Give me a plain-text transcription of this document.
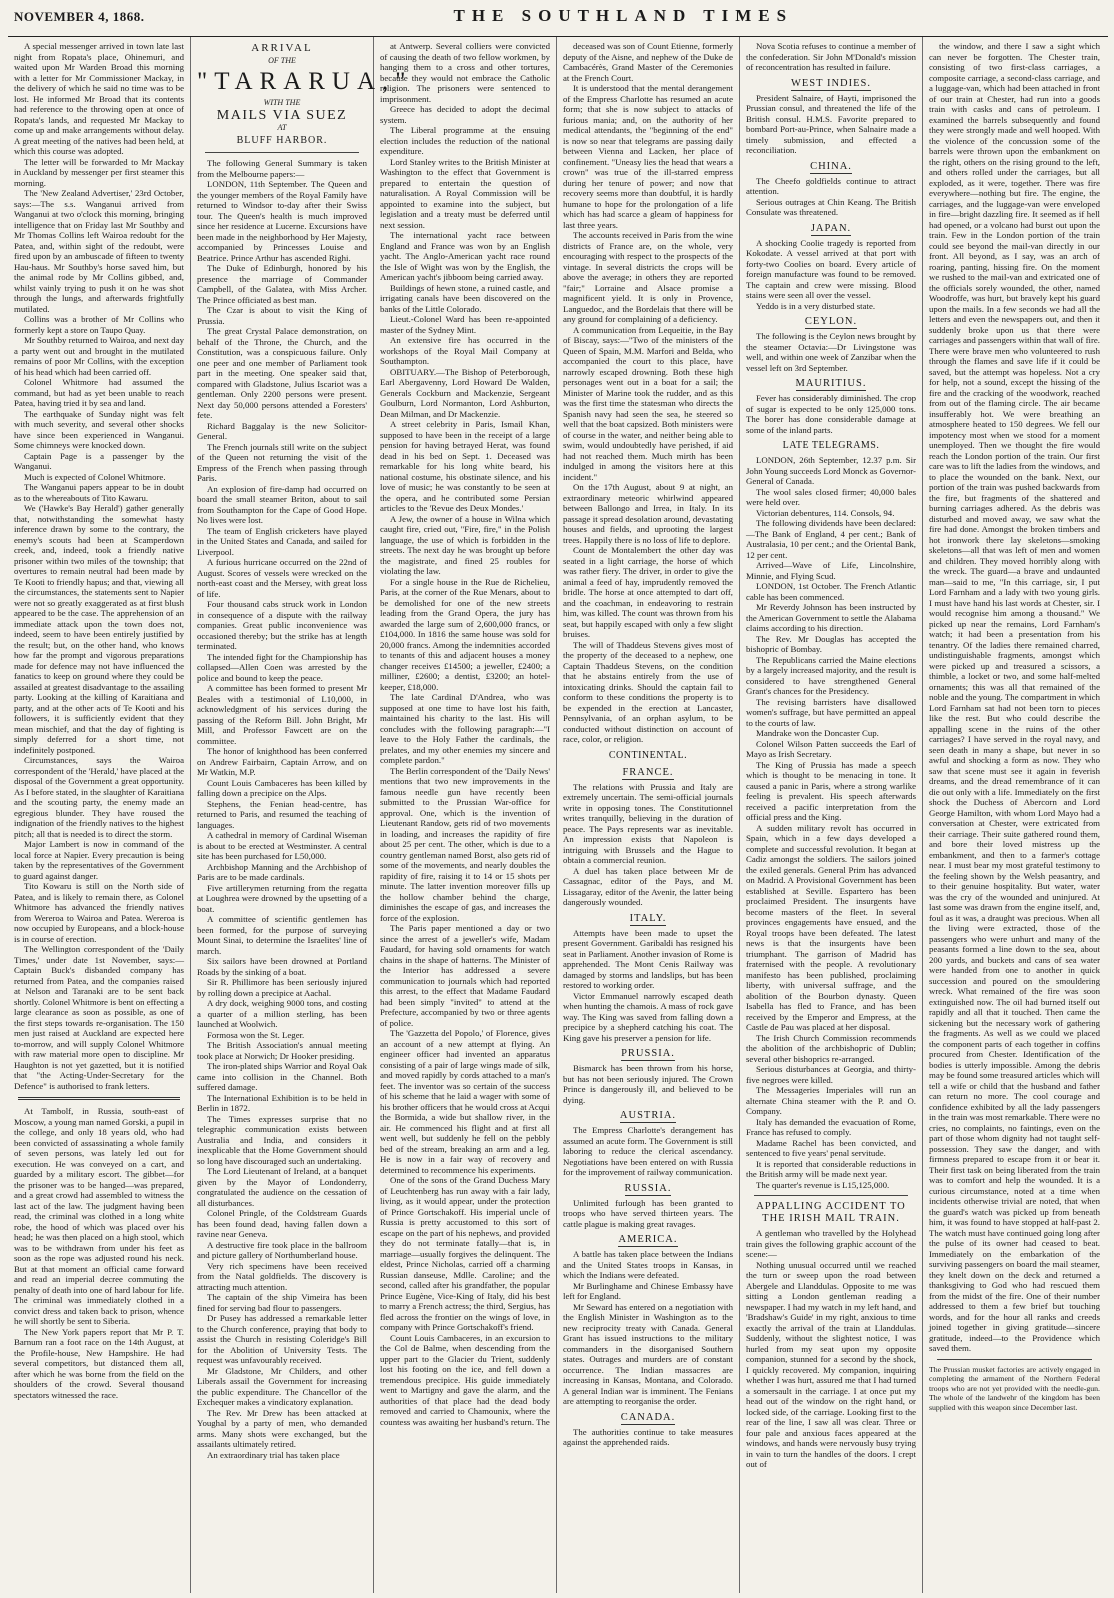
NOVEMBER 4, 1868.	THE SOUTHLAND TIMES

A special messenger arrived in town late last night from Ropata's place, Ohinemuri, and waited upon Mr Warden Broad this morning with a letter for Mr Commissioner Mackay, in the delivery of which he said no time was to be lost. He informed Mr Broad that its contents had reference to the throwing open at once of Ropata's lands, and requested Mr Mackay to come up and make arrangements without delay. A great meeting of the natives had been held, at which this course was adopted.

The letter will be forwarded to Mr Mackay in Auckland by messenger per first steamer this morning.

The 'New Zealand Advertiser,' 23rd October, says:—The s.s. Wanganui arrived from Wanganui at two o'clock this morning, bringing intelligence that on Friday last Mr Southby and Mr Thomas Collins left Wairoa redoubt for the Patea, and, within sight of the redoubt, were fired upon by an ambuscade of fifteen to twenty Hau-haus. Mr Southby's horse saved him, but the animal rode by Mr Collins gibbed, and, whilst vainly trying to push it on he was shot through the lungs, and afterwards frightfully mutilated.

Collins was a brother of Mr Collins who formerly kept a store on Taupo Quay.

Mr Southby returned to Wairoa, and next day a party went out and brought in the mutilated remains of poor Mr Collins, with the exception of his head which had been carried off.

Colonel Whitmore had assumed the command, but had as yet been unable to reach Patea, having tried it by sea and land.

The earthquake of Sunday night was felt with much severity, and several other shocks have since been experienced in Wanganui. Some chimneys were knocked down.

Captain Page is a passenger by the Wanganui.

Much is expected of Colonel Whitmore.

The Wanganui papers appear to be in doubt as to the whereabouts of Tito Kawaru.

We ('Hawke's Bay Herald') gather generally that, notwithstanding the somewhat hasty inference drawn by some to the contrary, the enemy's scouts had been at Scamperdown creek, and, indeed, took a friendly native prisoner within two miles of the township; that overtures to remain neutral had been made by Te Kooti to friendly hapus; and that, viewing all the circumstances, the statements sent to Napier were not so greatly exaggerated as at first blush appeared to be the case. The apprehension of an immediate attack upon the town does not, indeed, seem to have been entirely justified by the result; but, on the other hand, who knows how far the prompt and vigorous preparations made for defence may not have influenced the fanatics to keep on ground where they could be assailed at greatest disadvantage to the assailing party. Looking at the killing of Karaitiana and party, and at the other acts of Te Kooti and his followers, it is sufficiently evident that they mean mischief, and that the day of fighting is simply deferred for a short time, not indefinitely postponed.

Circumstances, says the Wairoa correspondent of the 'Herald,' have placed at the disposal of the Government a great opportunity. As I before stated, in the slaughter of Karaitiana and the scouting party, the enemy made an egregious blunder. They have roused the indignation of the friendly natives to the highest pitch; all that is needed is to direct the storm.

Major Lambert is now in command of the local force at Napier. Every precaution is being taken by the representatives of the Government to guard against danger.

Tito Kowaru is still on the North side of Patea, and is likely to remain there, as Colonel Whitmore has advanced the friendly natives from Wereroa to Wairoa and Patea. Wereroa is now occupied by Europeans, and a block-house is in course of erection.

The Wellington correspondent of the 'Daily Times,' under date 1st November, says:—Captain Buck's disbanded company has returned from Patea, and the companies raised at Nelson and Taranaki are to be sent back shortly. Colonel Whitmore is bent on effecting a large clearance as soon as possible, as one of the first steps towards re-organisation. The 150 men just raised at Auckland are expected here to-morrow, and will supply Colonel Whitmore with raw material more open to discipline. Mr Haughton is not yet gazetted, but it is notified that "the Acting-Under-Secretary for the Defence" is authorised to frank letters.

At Tambolf, in Russia, south-east of Moscow, a young man named Gorski, a pupil in the college, and only 18 years old, who had been convicted of assassinating a whole family of seven persons, was lately led out for execution. He was conveyed on a cart, and guarded by a military escort. The gibbet—for the prisoner was to be hanged—was prepared, and a great crowd had assembled to witness the last act of the law. The judgment having been read, the criminal was clothed in a long white robe, the hood of which was placed over his head; he was then placed on a high stool, which was to be withdrawn from under his feet as soon as the rope was adjusted round his neck. But at that moment an official came forward and read an imperial decree commuting the penalty of death into one of hard labour for life. The criminal was immediately clothed in a convict dress and taken back to prison, whence he will shortly be sent to Siberia.

The New York papers report that Mr P. T. Barnum ran a foot race on the 14th August, at the Profile-house, New Hampshire. He had several competitors, but distanced them all, after which he was borne from the field on the shoulders of the crowd. Several thousand spectators witnessed the race.

ARRIVAL
OF THE
"TARARUA,"
WITH THE
MAILS VIA SUEZ
AT
BLUFF HARBOR.

The following General Summary is taken from the Melbourne papers:—

LONDON, 11th September. The Queen and the younger members of the Royal Family have returned to Windsor to-day after their Swiss tour. The Queen's health is much improved since her residence at Lucerne. Excursions have been made in the neighborhood by Her Majesty, accompanied by Princesses Louise and Beatrice. Prince Arthur has ascended Righi.

The Duke of Edinburgh, honored by his presence the marriage of Commander Campbell, of the Galatea, with Miss Archer. The Prince officiated as best man.

The Czar is about to visit the King of Prussia.

The great Crystal Palace demonstration, on behalf of the Throne, the Church, and the Constitution, was a conspicuous failure. Only one peer and one member of Parliament took part in the meeting. One speaker said that, compared with Gladstone, Julius Iscariot was a gentleman. Only 2200 persons were present. Next day 50,000 persons attended a Foresters' fete.

Richard Baggalay is the new Solicitor-General.

The French journals still write on the subject of the Queen not returning the visit of the Empress of the French when passing through Paris.

An explosion of fire-damp had occurred on board the small steamer Briton, about to sail from Southampton for the Cape of Good Hope. No lives were lost.

The team of English cricketers have played in the United States and Canada, and sailed for Liverpool.

A furious hurricane occurred on the 22nd of August. Scores of vessels were wrecked on the north-east coast and the Mersey, with great loss of life.

Four thousand cabs struck work in London in consequence of a dispute with the railway companies. Great public inconvenience was occasioned thereby; but the strike has at length terminated.

The intended fight for the Championship has collapsed—Allen Coen was arrested by the police and bound to keep the peace.

A committee has been formed to present Mr Beales with a testimonial of L10,000, in acknowledgment of his services during the passing of the Reform Bill. John Bright, Mr Mill, and Professor Fawcett are on the committee.

The honor of knighthood has been conferred on Andrew Fairbairn, Captain Arrow, and on Mr Watkin, M.P.

Count Louis Cambaceres has been killed by falling down a precipice on the Alps.

Stephens, the Fenian head-centre, has returned to Paris, and resumed the teaching of languages.

A cathedral in memory of Cardinal Wiseman is about to be erected at Westminster. A central site has been purchased for L50,000.

Archbishop Manning and the Archbishop of Paris are to be made cardinals.

Five artillerymen returning from the regatta at Loughrea were drowned by the upsetting of a boat.

A committee of scientific gentlemen has been formed, for the purpose of surveying Mount Sinai, to determine the Israelites' line of march.

Six sailors have been drowned at Portland Roads by the sinking of a boat.

Sir R. Phillimore has been seriously injured by rolling down a precipice at Aachal.

A dry dock, weighing 9000 tons, and costing a quarter of a million sterling, has been launched at Woolwich.

Formosa won the St. Leger.

The British Association's annual meeting took place at Norwich; Dr Hooker presiding.

The iron-plated ships Warrior and Royal Oak came into collision in the Channel. Both suffered damage.

The International Exhibition is to be held in Berlin in 1872.

The Times expresses surprise that no telegraphic communication exists between Australia and India, and considers it inexplicable that the Home Government should so long have discouraged such an undertaking.

The Lord Lieutenant of Ireland, at a banquet given by the Mayor of Londonderry, congratulated the audience on the cessation of all disturbances.

Colonel Pringle, of the Coldstream Guards has been found dead, having fallen down a ravine near Geneva.

A destructive fire took place in the ballroom and picture gallery of Northumberland house.

Very rich specimens have been received from the Natal goldfields. The discovery is attracting much attention.

The captain of the ship Vimeira has been fined for serving bad flour to passengers.

Dr Pusey has addressed a remarkable letter to the Church conference, praying that body to assist the Church in resisting Coleridge's Bill for the Abolition of University Tests. The request was unfavourably received.

Mr Gladstone, Mr Childers, and other Liberals assail the Government for increasing the public expenditure. The Chancellor of the Exchequer makes a vindicatory explanation.

The Rev. Mr Drew has been attacked at Youghal by a party of men, who demanded arms. Many shots were exchanged, but the assailants ultimately retired.

An extraordinary trial has taken place

at Antwerp. Several colliers were convicted of causing the death of two fellow workmen, by hanging them to a cross and other tortures, because they would not embrace the Catholic religion. The prisoners were sentenced to imprisonment.

Greece has decided to adopt the decimal system.

The Liberal programme at the ensuing election includes the reduction of the national expenditure.

Lord Stanley writes to the British Minister at Washington to the effect that Government is prepared to entertain the question of naturalisation. A Royal Commission will be appointed to examine into the subject, but legislation and a treaty must be deferred until next session.

The international yacht race between England and France was won by an English yacht. The Anglo-American yacht race round the Isle of Wight was won by the English, the American yacht's jibboom being carried away.

Buildings of hewn stone, a ruined castle, and irrigating canals have been discovered on the banks of the Little Colorado.

Lieut.-Colonel Ward has been re-appointed master of the Sydney Mint.

An extensive fire has occurred in the workshops of the Royal Mail Company at Southampton.

OBITUARY.—The Bishop of Peterborough, Earl Abergavenny, Lord Howard De Walden, Generals Cockburn and Mackenzie, Sergeant Goulburn, Lord Normanton, Lord Ashburton, Dean Milman, and Dr Mackenzie.

A street celebrity in Paris, Ismail Khan, supposed to have been in the receipt of a large pension for having betrayed Herat, was found dead in his bed on Sept. 1. Deceased was remarkable for his long white beard, his national costume, his obstinate silence, and his love of music; he was constantly to be seen at the opera, and he contributed some Persian articles to the 'Revue des Deux Mondes.'

A Jew, the owner of a house in Wilna which caught fire, cried out, "Fire, fire," in the Polish language, the use of which is forbidden in the streets. The next day he was brought up before the magistrate, and fined 25 roubles for violating the law.

For a single house in the Rue de Richelieu, Paris, at the corner of the Rue Menars, about to be demolished for one of the new streets leading from the Grand Opera, the jury has awarded the large sum of 2,600,000 francs, or £104,000. In 1816 the same house was sold for 20,000 francs. Among the indemnities accorded to tenants of this and adjacent houses a money changer receives £14500; a jeweller, £2400; a milliner, £2600; a dentist, £3200; an hotel-keeper, £18,000.

The late Cardinal D'Andrea, who was supposed at one time to have lost his faith, maintained his charity to the last. His will concludes with the following paragraph:—"I leave to the Holy Father the cardinals, the prelates, and my other enemies my sincere and complete pardon."

The Berlin correspondent of the 'Daily News' mentions that two new improvements in the famous needle gun have recently been submitted to the Prussian War-office for approval. One, which is the invention of Lieutenant Randow, gets rid of two movements in loading, and increases the rapidity of fire about 25 per cent. The other, which is due to a country gentleman named Borst, also gets rid of some of the movements, and nearly doubles the rapidity of fire, raising it to 14 or 15 shots per minute. The latter invention moreover fills up the hollow chamber behind the charge, diminishes the escape of gas, and increases the force of the explosion.

The Paris paper mentioned a day or two since the arrest of a jeweller's wife, Madam Faudard, for having sold ornaments for watch chains in the shape of hatterns. The Minister of the Interior has addressed a severe communication to journals which had reported this arrest, to the effect that Madame Faudard had been simply "invited" to attend at the Prefecture, accompanied by two or three agents of police.

The 'Gazzetta del Popolo,' of Florence, gives an account of a new attempt at flying. An engineer officer had invented an apparatus consisting of a pair of large wings made of silk, and moved rapidly by cords attached to a man's feet. The inventor was so certain of the success of his scheme that he laid a wager with some of his brother officers that he would cross at Acqui the Bormida, a wide but shallow river, in the air. He commenced his flight and at first all went well, but suddenly he fell on the pebbly bed of the stream, breaking an arm and a leg. He is now in a fair way of recovery and determined to recommence his experiments.

One of the sons of the Grand Duchess Mary of Leuchtenberg has run away with a fair lady, living, as it would appear, under the protection of Prince Gortschakoff. His imperial uncle of Russia is pretty accustomed to this sort of escape on the part of his nephews, and provided they do not terminate fatally—that is, in marriage—usually forgives the delinquent. The eldest, Prince Nicholas, carried off a charming Russian danseuse, Mdlle. Caroline; and the second, called after his grandfather, the popular Prince Eugène, Vice-King of Italy, did his best to marry a French actress; the third, Sergius, has fled across the frontier on the wings of love, in company with Prince Gortschakoff's friend.

Count Louis Cambaceres, in an excursion to the Col de Balme, when descending from the upper part to the Glacier du Trient, suddenly lost his footing on the ice, and fell down a tremendous precipice. His guide immediately went to Martigny and gave the alarm, and the authorities of that place had the dead body removed and carried to Chamounix, where the countess was awaiting her husband's return. The

deceased was son of Count Etienne, formerly deputy of the Aisne, and nephew of the Duke de Cambacérès, Grand Master of the Ceremonies at the French Court.

It is understood that the mental derangement of the Empress Charlotte has resumed an acute form; that she is now subject to attacks of furious mania; and, on the authority of her medical attendants, the "beginning of the end" is now so near that telegrams are passing daily between Vienna and Lacken, her place of confinement. "Uneasy lies the head that wears a crown" was true of the ill-starred empress during her tenure of power; and now that recovery seems more than doubtful, it is hardly humane to hope for the prolongation of a life which has had scarce a gleam of happiness for last three years.

The accounts received in Paris from the wine districts of France are, on the whole, very encouraging with respect to the prospects of the vintage. In several districts the crops will be above the average; in others they are reported "fair;" Lorraine and Alsace promise a magnificent yield. It is only in Provence, Languedoc, and the Bordelais that there will be any ground for complaining of a deficiency.

A communication from Lequeitie, in the Bay of Biscay, says:—"Two of the ministers of the Queen of Spain, M.M. Marfori and Belda, who accompanied the court to this place, have narrowly escaped drowning. Both these high personages went out in a boat for a sail; the Minister of Marine took the rudder, and as this was the first time the statesman who directs the Spanish navy had seen the sea, he steered so well that the boat capsized. Both ministers were of course in the water, and neither being able to swim, would undoubtedly have perished, if aid had not reached them. Much mirth has been indulged in among the visitors here at this incident."

On the 17th August, about 9 at night, an extraordinary meteoric whirlwind appeared between Ballongo and Irrea, in Italy. In its passage it spread desolation around, devastating houses and fields, and uprooting the largest trees. Happily there is no loss of life to deplore.

Count de Montalembert the other day was seated in a light carriage, the horse of which was rather fiery. The driver, in order to give the animal a feed of hay, imprudently removed the bridle. The horse at once attempted to dart off, and the coachman, in endeavoring to restrain him, was killed. The count was thrown from his seat, but happily escaped with only a few slight bruises.

The will of Thaddeus Stevens gives most of the property of the deceased to a nephew, one Captain Thaddeus Stevens, on the condition that he abstains entirely from the use of intoxicating drinks. Should the captain fail to conform to these conditions the property is to be expended in the erection at Lancaster, Pennsylvania, of an orphan asylum, to be conducted without distinction on account of race, color, or religion.

CONTINENTAL.
FRANCE.

The relations with Prussia and Italy are extremely uncertain. The semi-official journals write in opposing tones. The Constitutionnel writes tranquilly, believing in the duration of peace. The Pays represents war as inevitable. An impression exists that Napoleon is intriguing with Brussels and the Hague to obtain a commercial reunion.

A duel has taken place between Mr de Cassagnac, editor of the Pays, and M. Lissagaray, editor of the Avenir, the latter being dangerously wounded.

ITALY.

Attempts have been made to upset the present Government. Garibaldi has resigned his seat in Parliament. Another invasion of Rome is apprehended. The Mont Cenis Railway was damaged by storms and landslips, but has been restored to working order.

Victor Emmanuel narrowly escaped death when hunting the chamois. A mass of rock gave way. The King was saved from falling down a precipice by a shepherd catching his coat. The King gave his preserver a pension for life.

PRUSSIA.

Bismarck has been thrown from his horse, but has not been seriously injured. The Crown Prince is dangerously ill, and believed to be dying.

AUSTRIA.

The Empress Charlotte's derangement has assumed an acute form. The Government is still laboring to reduce the clerical ascendancy. Negotiations have been entered on with Russia for the improvement of railway communication.

RUSSIA.

Unlimited furlough has been granted to troops who have served thirteen years. The cattle plague is making great ravages.

AMERICA.

A battle has taken place between the Indians and the United States troops in Kansas, in which the Indians were defeated.

Mr Burlinghame and Chinese Embassy have left for England.

Mr Seward has entered on a negotiation with the English Minister in Washington as to the new reciprocity treaty with Canada. General Grant has issued instructions to the military commanders in the disorganised Southern states. Outrages and murders are of constant occurrence. The Indian massacres are increasing in Kansas, Montana, and Colorado. A general Indian war is imminent. The Fenians are attempting to reorganise the order.

CANADA.

The authorities continue to take measures against the apprehended raids.

Nova Scotia refuses to continue a member of the confederation. Sir John M'Donald's mission of reconcentration has resulted in failure.

WEST INDIES.

President Salnaire, of Hayti, imprisoned the Prussian consul, and threatened the life of the British consul. H.M.S. Favorite prepared to bombard Port-au-Prince, when Salnaire made a timely submission, and effected a reconciliation.

CHINA.

The Cheefo goldfields continue to attract attention.

Serious outrages at Chin Keang. The British Consulate was threatened.

JAPAN.

A shocking Coolie tragedy is reported from Kokodate. A vessel arrived at that port with forty-two Coolies on board. Every article of foreign manufacture was found to be removed. The captain and crew were missing. Blood stains were seen all over the vessel.

Yeddo is in a very disturbed state.

CEYLON.

The following is the Ceylon news brought by the steamer Octavia:—Dr Livingstone was well, and within one week of Zanzibar when the vessel left on 3rd September.

MAURITIUS.

Fever has considerably diminished. The crop of sugar is expected to be only 125,000 tons. The borer has done considerable damage at some of the inland parts.

LATE TELEGRAMS.

LONDON, 26th September, 12.37 p.m. Sir John Young succeeds Lord Monck as Governor-General of Canada.

The wool sales closed firmer; 40,000 bales were held over.

Victorian debentures, 114. Consols, 94.

The following dividends have been declared:—The Bank of England, 4 per cent.; Bank of Australasia, 10 per cent.; and the Oriental Bank, 12 per cent.

Arrived—Wave of Life, Lincolnshire, Minnie, and Flying Scud.

LONDON, 1st October. The French Atlantic cable has been commenced.

Mr Reverdy Johnson has been instructed by the American Government to settle the Alabama claims according to his direction.

The Rev. Mr Douglas has accepted the bishopric of Bombay.

The Republicans carried the Maine elections by a largely increased majority, and the result is considered to have strengthened General Grant's chances for the Presidency.

The revising barristers have disallowed women's suffrage, but have permitted an appeal to the courts of law.

Mandrake won the Doncaster Cup.

Colonel Wilson Patten succeeds the Earl of Mayo as Irish Secretary.

The King of Prussia has made a speech which is thought to be menacing in tone. It caused a panic in Paris, where a strong warlike feeling is prevalent. His speech afterwards received a pacific interpretation from the official press and the King.

A sudden military revolt has occurred in Spain, which in a few days developed a complete and successful revolution. It began at Cadiz amongst the soldiers. The sailors joined the exiled generals. General Prim has advanced on Madrid. A Provisional Government has been established at Seville. Espartero has been proclaimed President. The insurgents have become masters of the fleet. In several provinces engagements have ensued, and the Royal troops have been defeated. The latest news is that the insurgents have been triumphant. The garrison of Madrid has fraternised with the people. A revolutionary manifesto has been published, proclaiming liberty, with universal suffrage, and the abolition of the Bourbon dynasty. Queen Isabella has fled to France, and has been received by the Emperor and Empress, at the Castle de Pau was placed at her disposal.

The Irish Church Commission recommends the abolition of the archbishopric of Dublin; several other bishoprics re-arranged.

Serious disturbances at Georgia, and thirty-five negroes were killed.

The Messageries Imperiales will run an alternate China steamer with the P. and O. Company.

Italy has demanded the evacuation of Rome, France has refused to comply.

Madame Rachel has been convicted, and sentenced to five years' penal servitude.

It is reported that considerable reductions in the British army will be made next year.

The quarter's revenue is L15,125,000.

APPALLING ACCIDENT TO THE IRISH MAIL TRAIN.

A gentleman who travelled by the Holyhead train gives the following graphic account of the scene:—

Nothing unusual occurred until we reached the turn or sweep upon the road between Abergele and Llanddulas. Opposite to me was sitting a London gentleman reading a newspaper. I had my watch in my left hand, and 'Bradshaw's Guide' in my right, anxious to time exactly the arrival of the train at Llanddulas. Suddenly, without the slightest notice, I was hurled from my seat upon my opposite companion, stunned for a second by the shock, I quickly recovered. My companion, inquiring whether I was hurt, assured me that I had turned a somersault in the carriage. I at once put my head out of the window on the right hand, or locked side, of the carriage. Looking first to the rear of the line, I saw all was clear. Three or four pale and anxious faces appeared at the windows, and hands were nervously busy trying in vain to turn the handles of the doors. I crept out of

the window, and there I saw a sight which can never be forgotten. The Chester train, consisting of two first-class carriages, a composite carriage, a second-class carriage, and a luggage-van, which had been attached in front of our train at Chester, had run into a goods train with casks and cans of petroleum. I examined the barrels subsequently and found they were strongly made and well hooped. With the violence of the concussion some of the barrels were thrown upon the embankment on the right, others on the rising ground to the left, and others rolled under the carriages, but all exploded, as it were, together. There was fire everywhere—nothing but fire. The engine, the carriages, and the luggage-van were enveloped in fire—bright dazzling fire. It seemed as if hell had opened, or a volcano had burst out upon the train. Few in the London portion of the train could see beyond the mail-van directly in our front. All beyond, as I say, was an arch of roaring, panting, hissing fire. On the moment we rushed to the mail-van and extricated one of the officials sorely wounded, the other, named Woodroffe, was hurt, but bravely kept his guard upon the mails. In a few seconds we had all the letters and even the newspapers out, and then it suddenly broke upon us that there were carriages and passengers within that wall of fire. There were brave men who volunteered to rush through the flames and save life if it could be saved, but the attempt was hopeless. Not a cry for help, not a sound, except the hissing of the fire and the cracking of the woodwork, reached from out of the flaming circle. The air became insufferably hot. We were breathing an atmosphere heated to 150 degrees. We fell our impotency most when we stood for a moment unemployed. Then we thought the fire would reach the London portion of the train. Our first care was to lift the ladies from the windows, and to place the wounded on the bank. Next, our portion of the train was pushed backwards from the fire, but fragments of the shattered and burning carriages adhered. As the debris was disturbed and moved away, we saw what the fire had done. Amongst the broken timbers and hot ironwork there lay skeletons—smoking skeletons—all that was left of men and women and children. They moved horribly along with the wreck. The guard—a brave and undaunted man—said to me, "In this carriage, sir, I put Lord Farnham and a lady with two young girls. I must have hand his last words at Chester, sir. I would recognise him among a thousand." We picked up near the remains, Lord Farnham's watch; it had been a presentation from his tenantry. Of the ladies there remained charred, undistinguishable fragments, amongst which were picked up and treasured a scissors, a thimble, a locket or two, and some half-melted ornaments; this was all that remained of the noble and the young. The compartment in which Lord Farnham sat had not been torn to pieces like the rest. But who could describe the appalling scene in the ruins of the other carriages? I have served in the royal navy, and seen death in many a shape, but never in so awful and shocking a form as now. They who saw that scene must see it again in feverish dreams, and the dread remembrance of it can die out only with a life. Immediately on the first shock the Duchess of Abercorn and Lord George Hamilton, with whom Lord Mayo had a conversation at Chester, were extricated from their carriage. Their suite gathered round them, and bore their loved mistress up the embankment, and then to a farmer's cottage near. I must bear my most grateful testimony to the feeling shown by the Welsh peasantry, and to their genuine hospitality. But water, water was the cry of the wounded and uninjured. At last some was drawn from the engine itself, and, foul as it was, a draught was precious. When all the living were extracted, those of the passengers who were unhurt and many of the peasants formed a line down to the sea, about 200 yards, and buckets and cans of sea water were handed from one to another in quick succession and poured on the smouldering wreck. What remained of the fire was soon extinguished now. The oil had burned itself out rapidly and all that it touched. Then came the sickening but the necessary work of gathering the fragments. As well as we could we placed the component parts of each together in coffins procured from Chester. Identification of the bodies is utterly impossible. Among the debris may be found some treasured articles which will tell a wife or child that the husband and father can return no more. The cool courage and confidence exhibited by all the lady passengers in the train was most remarkable. There were no cries, no complaints, no faintings, even on the part of those whom dignity had not taught self-possession. They saw the danger, and with firmness prepared to escape from it or bear it. Their first task on being liberated from the train was to comfort and help the wounded. It is a curious circumstance, noted at a time when incidents otherwise trivial are noted, that when the guard's watch was picked up from beneath him, it was found to have stopped at half-past 2. The watch must have continued going long after the pulse of its owner had ceased to beat. Immediately on the embarkation of the surviving passengers on board the mail steamer, they knelt down on the deck and returned a thanksgiving to God who had rescued them from the midst of the fire. One of their number addressed to them a few brief but touching words, and for the hour all ranks and creeds joined together in giving gratitude—sincere gratitude, indeed—to the Providence which saved them.

The Prussian musket factories are actively engaged in completing the armament of the Northern Federal troops who are not yet provided with the needle-gun. The whole of the landwehr of the kingdom has been supplied with this weapon since December last.
